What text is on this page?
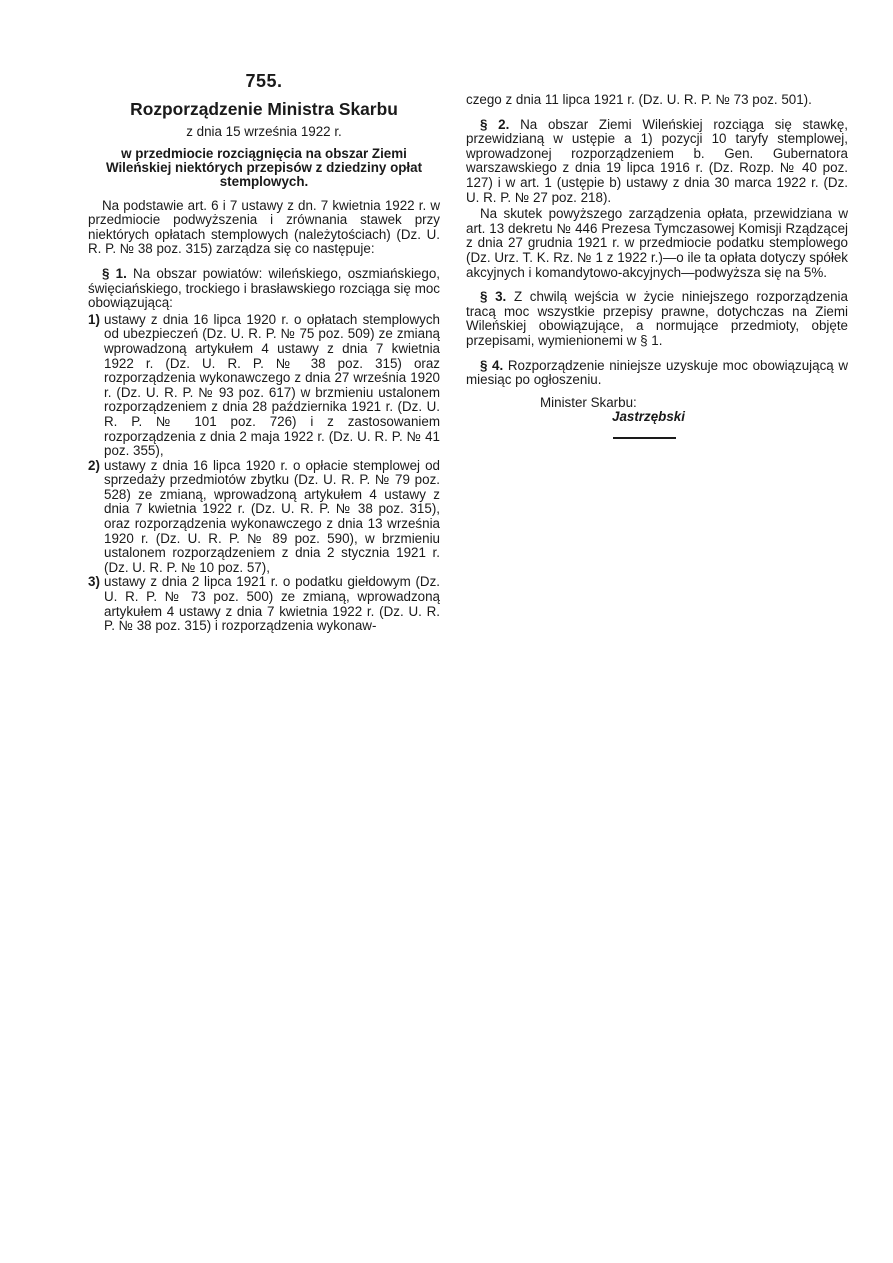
755.
Rozporządzenie Ministra Skarbu
z dnia 15 września 1922 r.

w przedmiocie rozciągnięcia na obszar Ziemi Wileńskiej niektórych przepisów z dziedziny opłat stemplowych.

Na podstawie art. 6 i 7 ustawy z dn. 7 kwietnia 1922 r. w przedmiocie podwyższenia i zrównania stawek przy niektórych opłatach stemplowych (należytościach) (Dz. U. R. P. № 38 poz. 315) zarządza się co następuje:

§ 1. Na obszar powiatów: wileńskiego, oszmiańskiego, święciańskiego, trockiego i brasławskiego rozciąga się moc obowiązującą:

1) ustawy z dnia 16 lipca 1920 r. o opłatach stemplowych od ubezpieczeń (Dz. U. R. P. № 75 poz. 509) ze zmianą wprowadzoną artykułem 4 ustawy z dnia 7 kwietnia 1922 r. (Dz. U. R. P. № 38 poz. 315) oraz rozporządzenia wykonawczego z dnia 27 września 1920 r. (Dz. U. R. P. № 93 poz. 617) w brzmieniu ustalonem rozporządzeniem z dnia 28 października 1921 r. (Dz. U. R. P. № 101 poz. 726) i z zastosowaniem rozporządzenia z dnia 2 maja 1922 r. (Dz. U. R. P. № 41 poz. 355),
2) ustawy z dnia 16 lipca 1920 r. o opłacie stemplowej od sprzedaży przedmiotów zbytku (Dz. U. R. P. № 79 poz. 528) ze zmianą, wprowadzoną artykułem 4 ustawy z dnia 7 kwietnia 1922 r. (Dz. U. R. P. № 38 poz. 315), oraz rozporządzenia wykonawczego z dnia 13 września 1920 r. (Dz. U. R. P. № 89 poz. 590), w brzmieniu ustalonem rozporządzeniem z dnia 2 stycznia 1921 r. (Dz. U. R. P. № 10 poz. 57),
3) ustawy z dnia 2 lipca 1921 r. o podatku giełdowym (Dz. U. R. P. № 73 poz. 500) ze zmianą, wprowadzoną artykułem 4 ustawy z dnia 7 kwietnia 1922 r. (Dz. U. R. P. № 38 poz. 315) i rozporządzenia wykonaw-

czego z dnia 11 lipca 1921 r. (Dz. U. R. P. № 73 poz. 501).

§ 2. Na obszar Ziemi Wileńskiej rozciąga się stawkę, przewidzianą w ustępie a 1) pozycji 10 taryfy stemplowej, wprowadzonej rozporządzeniem b. Gen. Gubernatora warszawskiego z dnia 19 lipca 1916 r. (Dz. Rozp. № 40 poz. 127) i w art. 1 (ustępie b) ustawy z dnia 30 marca 1922 r. (Dz. U. R. P. № 27 poz. 218).

Na skutek powyższego zarządzenia opłata, przewidziana w art. 13 dekretu № 446 Prezesa Tymczasowej Komisji Rządzącej z dnia 27 grudnia 1921 r. w przedmiocie podatku stemplowego (Dz. Urz. T. K. Rz. № 1 z 1922 r.)—o ile ta opłata dotyczy spółek akcyjnych i komandytowo-akcyjnych—podwyższa się na 5%.

§ 3. Z chwilą wejścia w życie niniejszego rozporządzenia tracą moc wszystkie przepisy prawne, dotychczas na Ziemi Wileńskiej obowiązujące, a normujące przedmioty, objęte przepisami, wymienionemi w § 1.

§ 4. Rozporządzenie niniejsze uzyskuje moc obowiązującą w miesiąc po ogłoszeniu.

Minister Skarbu:
Jastrzębski
